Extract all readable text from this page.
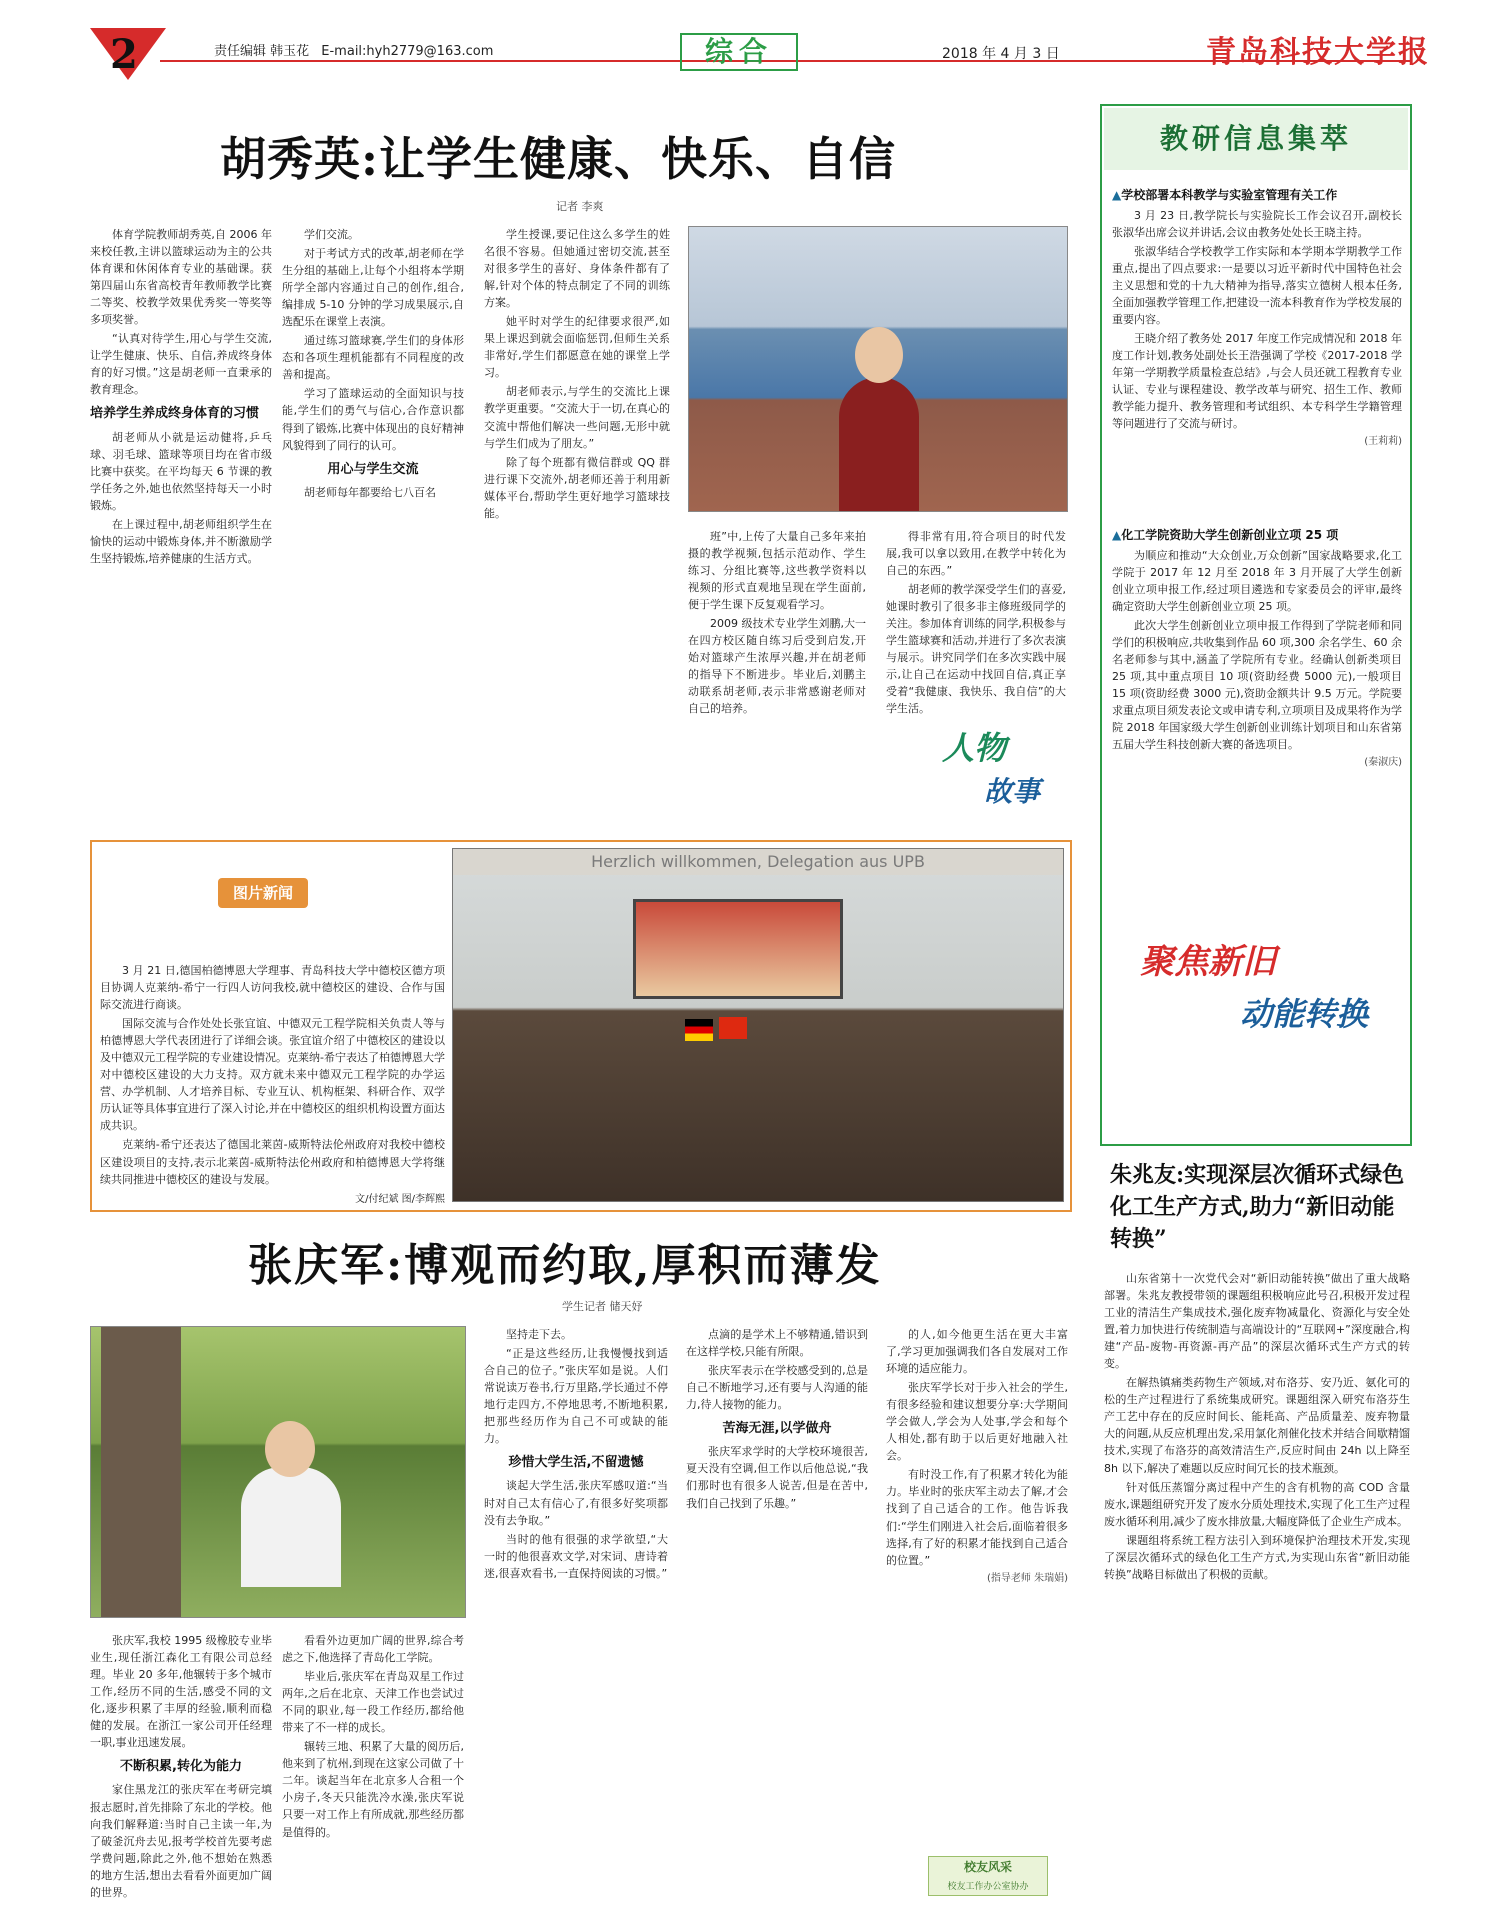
2	责任编辑 韩玉花 E-mail:hyh2779@163.com	综合	2018 年 4 月 3 日	青岛科技大学报
胡秀英:让学生健康、快乐、自信
记者 李爽

体育学院教师胡秀英,自 2006 年来校任教,主讲以篮球运动为主的公共体育课和休闲体育专业的基础课。获第四届山东省高校青年教师教学比赛二等奖、校教学效果优秀奖一等奖等多项奖誉。

“认真对待学生,用心与学生交流,让学生健康、快乐、自信,养成终身体育的好习惯。”这是胡老师一直秉承的教育理念。

培养学生养成终身体育的习惯

胡老师从小就是运动健将,乒乓球、羽毛球、篮球等项目均在省市级比赛中获奖。在平均每天 6 节课的教学任务之外,她也依然坚持每天一小时锻炼。

在上课过程中,胡老师组织学生在愉快的运动中锻炼身体,并不断激励学生坚持锻炼,培养健康的生活方式。

学们交流。

对于考试方式的改革,胡老师在学生分组的基础上,让每个小组将本学期所学全部内容通过自己的创作,组合,编排成 5-10 分钟的学习成果展示,自选配乐在课堂上表演。

通过练习篮球赛,学生们的身体形态和各项生理机能都有不同程度的改善和提高。

学习了篮球运动的全面知识与技能,学生们的勇气与信心,合作意识都得到了锻炼,比赛中体现出的良好精神风貌得到了同行的认可。

用心与学生交流

胡老师每年都要给七八百名

学生授课,要记住这么多学生的姓名很不容易。但她通过密切交流,甚至对很多学生的喜好、身体条件都有了解,针对个体的特点制定了不同的训练方案。

她平时对学生的纪律要求很严,如果上课迟到就会面临惩罚,但师生关系非常好,学生们都愿意在她的课堂上学习。

胡老师表示,与学生的交流比上课教学更重要。“交流大于一切,在真心的交流中帮他们解决一些问题,无形中就与学生们成为了朋友。”

除了每个班都有微信群或 QQ 群进行课下交流外,胡老师还善于利用新媒体平台,帮助学生更好地学习篮球技能。

班”中,上传了大量自己多年来拍摄的教学视频,包括示范动作、学生练习、分组比赛等,这些教学资料以视频的形式直观地呈现在学生面前,便于学生课下反复观看学习。

2009 级技术专业学生刘鹏,大一在四方校区随自练习后受到启发,开始对篮球产生浓厚兴趣,并在胡老师的指导下不断进步。毕业后,刘鹏主动联系胡老师,表示非常感谢老师对自己的培养。

得非常有用,符合项目的时代发展,我可以拿以致用,在教学中转化为自己的东西。”

胡老师的教学深受学生们的喜爱,她课时教引了很多非主修班级同学的关注。参加体育训练的同学,积极参与学生篮球赛和活动,并进行了多次表演与展示。讲究同学们在多次实践中展示,让自己在运动中找回自信,真正享受着“我健康、我快乐、我自信”的大学生活。

人物
故事
图片新闻

3 月 21 日,德国柏德博恩大学理事、青岛科技大学中德校区德方项目协调人克莱纳-希宁一行四人访问我校,就中德校区的建设、合作与国际交流进行商谈。

国际交流与合作处处长张宜谊、中德双元工程学院相关负责人等与柏德博恩大学代表团进行了详细会谈。张宜谊介绍了中德校区的建设以及中德双元工程学院的专业建设情况。克莱纳-希宁表达了柏德博恩大学对中德校区建设的大力支持。双方就未来中德双元工程学院的办学运营、办学机制、人才培养目标、专业互认、机构框架、科研合作、双学历认证等具体事宜进行了深入讨论,并在中德校区的组织机构设置方面达成共识。

克莱纳-希宁还表达了德国北莱茵-威斯特法伦州政府对我校中德校区建设项目的支持,表示北莱茵-威斯特法伦州政府和柏德博恩大学将继续共同推进中德校区的建设与发展。

文/付纪斌 图/李辉熙
Herzlich willkommen, Delegation aus UPB
张庆军:博观而约取,厚积而薄发
学生记者 储天妤

张庆军,我校 1995 级橡胶专业毕业生,现任浙江森化工有限公司总经理。毕业 20 多年,他辗转于多个城市工作,经历不同的生活,感受不同的文化,逐步积累了丰厚的经验,顺利而稳健的发展。在浙江一家公司开任经理一职,事业迅速发展。

不断积累,转化为能力

家住黑龙江的张庆军在考研完填报志愿时,首先排除了东北的学校。他向我们解释道:当时自己主读一年,为了破釜沉舟去见,报考学校首先要考虑学费问题,除此之外,他不想始在熟悉的地方生活,想出去看看外面更加广阔的世界。

看看外边更加广阔的世界,综合考虑之下,他选择了青岛化工学院。

毕业后,张庆军在青岛双星工作过两年,之后在北京、天津工作也尝试过不同的职业,每一段工作经历,都给他带来了不一样的成长。

辗转三地、积累了大量的阅历后,他来到了杭州,到现在这家公司做了十二年。谈起当年在北京多人合租一个小房子,冬天只能洗冷水澡,张庆军说只要一对工作上有所成就,那些经历都是值得的。

坚持走下去。

“正是这些经历,让我慢慢找到适合自己的位子。”张庆军如是说。人们常说读万卷书,行万里路,学长通过不停地行走四方,不停地思考,不断地积累,把那些经历作为自己不可或缺的能力。

珍惜大学生活,不留遗憾

谈起大学生活,张庆军感叹道:“当时对自己太有信心了,有很多好奖项都没有去争取。”

当时的他有很强的求学欲望,“大一时的他很喜欢文学,对宋词、唐诗着迷,很喜欢看书,一直保持阅读的习惯。”

点滴的是学术上不够精通,错识到在这样学校,只能有所限。

张庆军表示在学校感受到的,总是自己不断地学习,还有要与人沟通的能力,待人接物的能力。

苦海无涯,以学做舟

张庆军求学时的大学校环境很苦,夏天没有空调,但工作以后他总说,“我们那时也有很多人说苦,但是在苦中,我们自己找到了乐趣。”

的人,如今他更生活在更大丰富了,学习更加强调我们各自发展对工作环境的适应能力。

张庆军学长对于步入社会的学生,有很多经验和建议想要分享:大学期间学会做人,学会为人处事,学会和每个人相处,都有助于以后更好地融入社会。

有时没工作,有了积累才转化为能力。毕业时的张庆军主动去了解,才会找到了自己适合的工作。他告诉我们:“学生们刚进入社会后,面临着很多选择,有了好的积累才能找到自己适合的位置。”

(指导老师 朱瑞娟)
教研信息集萃
▲学校部署本科教学与实验室管理有关工作

3 月 23 日,教学院长与实验院长工作会议召开,副校长张淑华出席会议并讲话,会议由教务处处长王晓主持。

张淑华结合学校教学工作实际和本学期本学期教学工作重点,提出了四点要求:一是要以习近平新时代中国特色社会主义思想和党的十九大精神为指导,落实立德树人根本任务,全面加强教学管理工作,把建设一流本科教育作为学校发展的重要内容。

王晓介绍了教务处 2017 年度工作完成情况和 2018 年度工作计划,教务处副处长王浩强调了学校《2017-2018 学年第一学期教学质量检查总结》,与会人员还就工程教育专业认证、专业与课程建设、教学改革与研究、招生工作、教师教学能力提升、教务管理和考试组织、本专科学生学籍管理等问题进行了交流与研讨。

(王莉莉)
▲化工学院资助大学生创新创业立项 25 项

为顺应和推动“大众创业,万众创新”国家战略要求,化工学院于 2017 年 12 月至 2018 年 3 月开展了大学生创新创业立项申报工作,经过项目遴选和专家委员会的评审,最终确定资助大学生创新创业立项 25 项。

此次大学生创新创业立项申报工作得到了学院老师和同学们的积极响应,共收集到作品 60 项,300 余名学生、60 余名老师参与其中,涵盖了学院所有专业。经确认创新类项目 25 项,其中重点项目 10 项(资助经费 5000 元),一般项目 15 项(资助经费 3000 元),资助金额共计 9.5 万元。学院要求重点项目须发表论文或申请专利,立项项目及成果将作为学院 2018 年国家级大学生创新创业训练计划项目和山东省第五届大学生科技创新大赛的备选项目。

(秦淑庆)
聚焦新旧
动能转换
朱兆友:实现深层次循环式绿色化工生产方式,助力“新旧动能转换”

山东省第十一次党代会对“新旧动能转换”做出了重大战略部署。朱兆友教授带领的课题组积极响应此号召,积极开发过程工业的清洁生产集成技术,强化废弃物减量化、资源化与安全处置,着力加快进行传统制造与高端设计的“互联网+”深度融合,构建“产品-废物-再资源-再产品”的深层次循环式生产方式的转变。

在解热镇痛类药物生产领域,对布洛芬、安乃近、氨化可的松的生产过程进行了系统集成研究。课题组深入研究布洛芬生产工艺中存在的反应时间长、能耗高、产品质量差、废弃物量大的问题,从反应机理出发,采用氯化剂催化技术并结合间歇精馏技术,实现了布洛芬的高效清洁生产,反应时间由 24h 以上降至 8h 以下,解决了难题以反应时间冗长的技术瓶颈。

针对低压蒸馏分离过程中产生的含有机物的高 COD 含量废水,课题组研究开发了废水分质处理技术,实现了化工生产过程废水循环利用,减少了废水排放量,大幅度降低了企业生产成本。

课题组将系统工程方法引入到环境保护治理技术开发,实现了深层次循环式的绿色化工生产方式,为实现山东省“新旧动能转换”战略目标做出了积极的贡献。

校友风采
校友工作办公室协办
